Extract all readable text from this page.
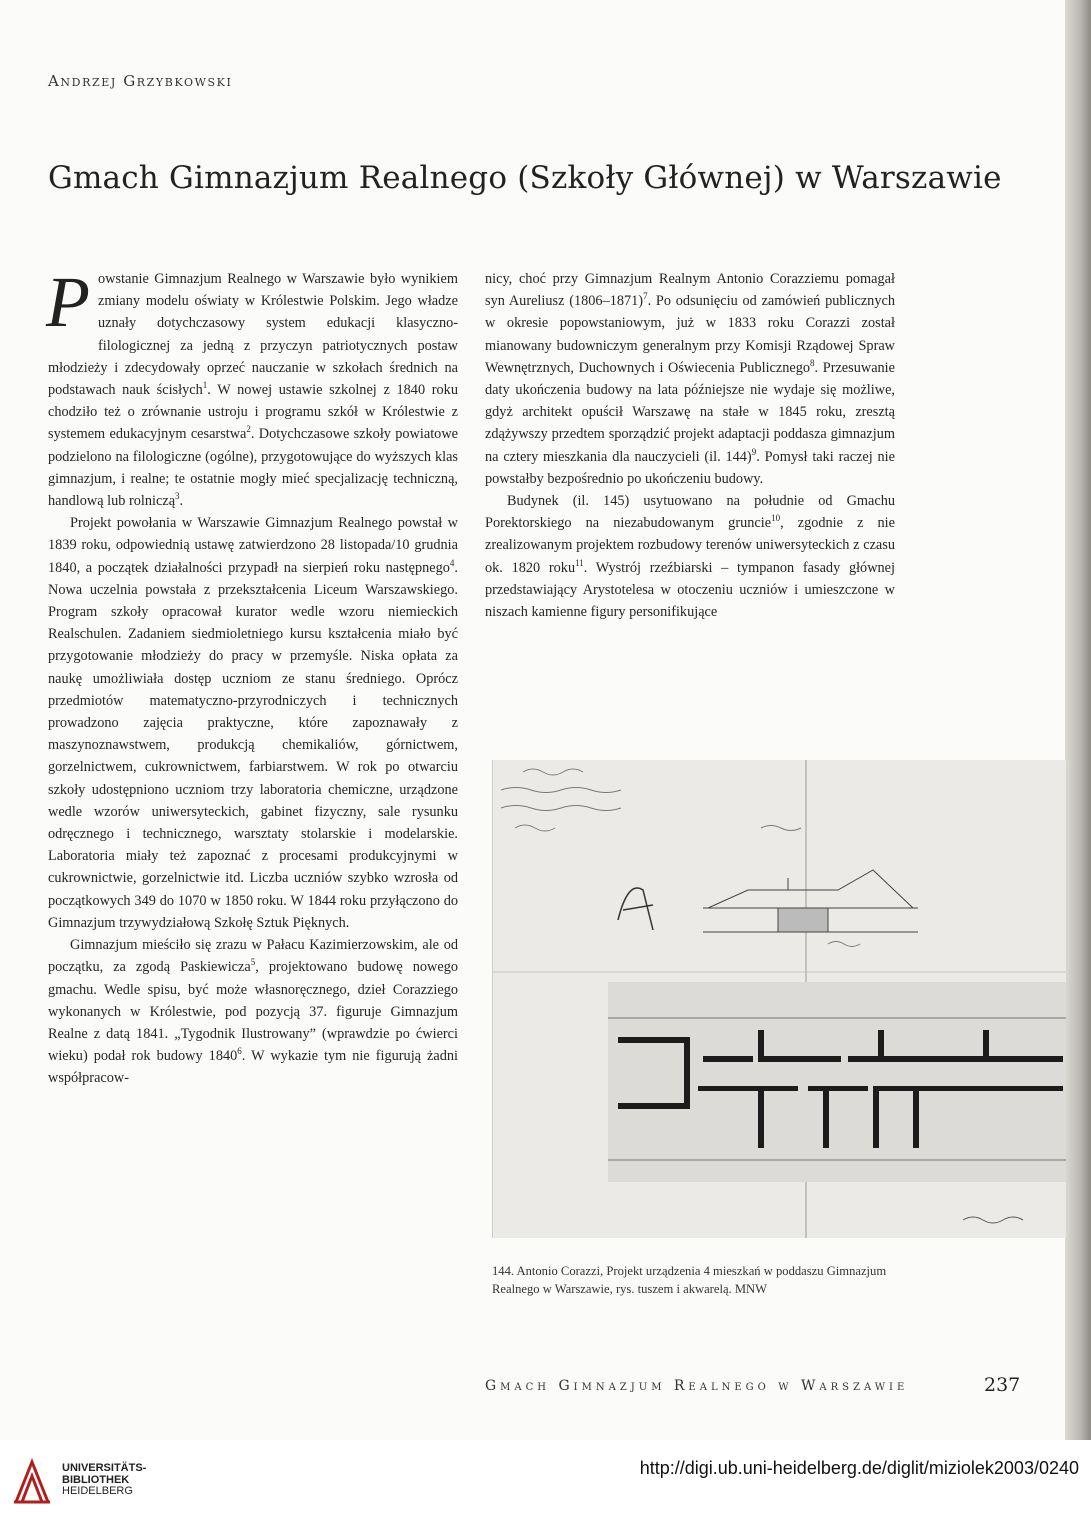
Andrzej Grzybkowski
Gmach Gimnazjum Realnego (Szkoły Głównej) w Warszawie

Powstanie Gimnazjum Realnego w Warszawie było wynikiem zmiany modelu oświaty w Królestwie Polskim. Jego władze uznały dotychczasowy system edukacji klasyczno-filologicznej za jedną z przyczyn patriotycznych postaw młodzieży i zdecydowały oprzeć nauczanie w szkołach średnich na podstawach nauk ścisłych$^1$. W nowej ustawie szkolnej z 1840 roku chodziło też o zrównanie ustroju i programu szkół w Królestwie z systemem edukacyjnym cesarstwa$^2$. Dotychczasowe szkoły powiatowe podzielono na filologiczne (ogólne), przygotowujące do wyższych klas gimnazjum, i realne; te ostatnie mogły mieć specjalizację techniczną, handlową lub rolniczą$^3$.

Projekt powołania w Warszawie Gimnazjum Realnego powstał w 1839 roku, odpowiednią ustawę zatwierdzono 28 listopada/10 grudnia 1840, a początek działalności przypadł na sierpień roku następnego$^4$. Nowa uczelnia powstała z przekształcenia Liceum Warszawskiego. Program szkoły opracował kurator wedle wzoru niemieckich Realschulen. Zadaniem siedmioletniego kursu kształcenia miało być przygotowanie młodzieży do pracy w przemyśle. Niska opłata za naukę umożliwiała dostęp uczniom ze stanu średniego. Oprócz przedmiotów matematyczno-przyrodniczych i technicznych prowadzono zajęcia praktyczne, które zapoznawały z maszynoznawstwem, produkcją chemikaliów, górnictwem, gorzelnictwem, cukrownictwem, farbiarstwem. W rok po otwarciu szkoły udostępniono uczniom trzy laboratoria chemiczne, urządzone wedle wzorów uniwersyteckich, gabinet fizyczny, sale rysunku odręcznego i technicznego, warsztaty stolarskie i modelarskie. Laboratoria miały też zapoznać z procesami produkcyjnymi w cukrownictwie, gorzelnictwie itd. Liczba uczniów szybko wzrosła od początkowych 349 do 1070 w 1850 roku. W 1844 roku przyłączono do Gimnazjum trzywydziałową Szkołę Sztuk Pięknych.

Gimnazjum mieściło się zrazu w Pałacu Kazimierzowskim, ale od początku, za zgodą Paskiewicza$^5$, projektowano budowę nowego gmachu. Wedle spisu, być może własnoręcznego, dzieł Corazziego wykonanych w Królestwie, pod pozycją 37. figuruje Gimnazjum Realne z datą 1841. „Tygodnik Ilustrowany” (wprawdzie po ćwierci wieku) podał rok budowy 1840$^6$. W wykazie tym nie figurują żadni współpracow-

nicy, choć przy Gimnazjum Realnym Antonio Corazziemu pomagał syn Aureliusz (1806–1871)$^7$. Po odsunięciu od zamówień publicznych w okresie popowstaniowym, już w 1833 roku Corazzi został mianowany budowniczym generalnym przy Komisji Rządowej Spraw Wewnętrznych, Duchownych i Oświecenia Publicznego$^8$. Przesuwanie daty ukończenia budowy na lata późniejsze nie wydaje się możliwe, gdyż architekt opuścił Warszawę na stałe w 1845 roku, zresztą zdążywszy przedtem sporządzić projekt adaptacji poddasza gimnazjum na cztery mieszkania dla nauczycieli (il. 144)$^9$. Pomysł taki raczej nie powstałby bezpośrednio po ukończeniu budowy.

Budynek (il. 145) usytuowano na południe od Gmachu Porektorskiego na niezabudowanym gruncie$^{10}$, zgodnie z nie zrealizowanym projektem rozbudowy terenów uniwersyteckich z czasu ok. 1820 roku$^{11}$. Wystrój rzeźbiarski – tympanon fasady głównej przedstawiający Arystotelesa w otoczeniu uczniów i umieszczone w niszach kamienne figury personifikujące

144. Antonio Corazzi, Projekt urządzenia 4 mieszkań w poddaszu Gimnazjum Realnego w Warszawie, rys. tuszem i akwarelą. MNW
Gmach Gimnazjum Realnego w Warszawie	237
UNIVERSITÄTS-
BIBLIOTHEK
HEIDELBERG
http://digi.ub.uni-heidelberg.de/diglit/miziolek2003/0240
